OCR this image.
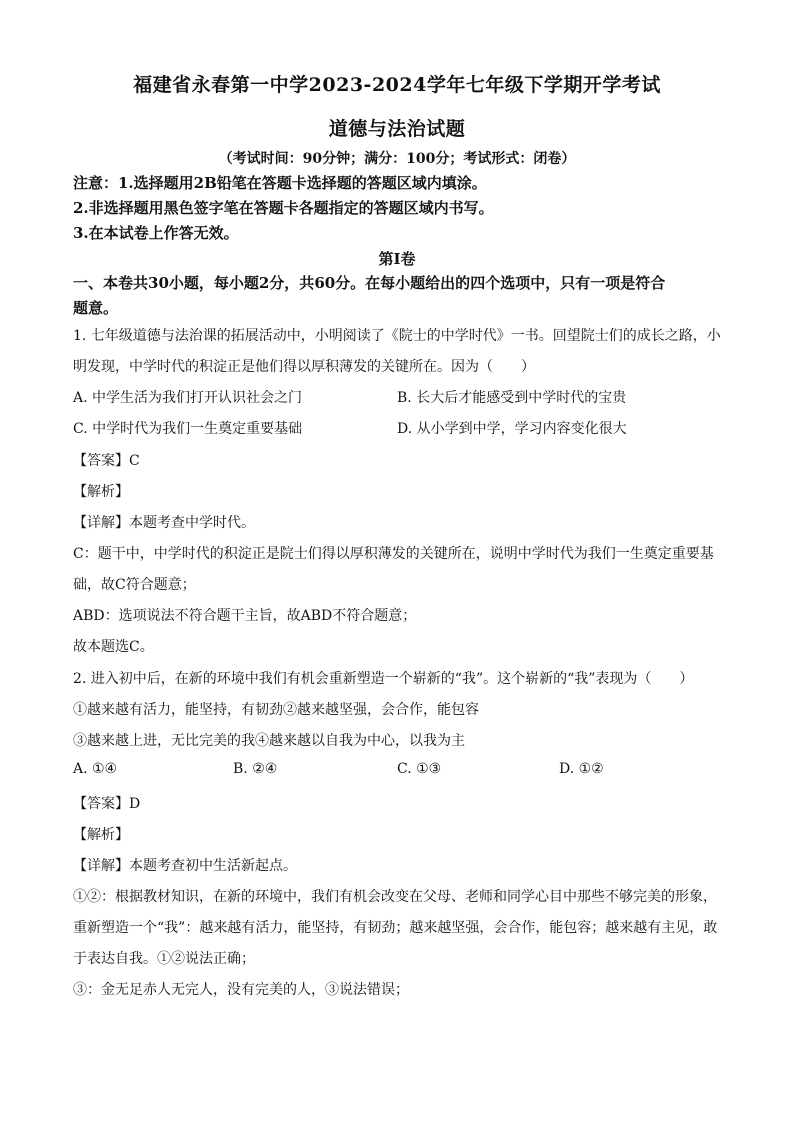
福建省永春第一中学2023-2024学年七年级下学期开学考试
道德与法治试题
（考试时间：90分钟；满分：100分；考试形式：闭卷）
注意：1.选择题用2B铅笔在答题卡选择题的答题区域内填涂。
2.非选择题用黑色签字笔在答题卡各题指定的答题区域内书写。
3.在本试卷上作答无效。
第I卷
一、本卷共30小题，每小题2分，共60分。在每小题给出的四个选项中，只有一项是符合
题意。
1. 七年级道德与法治课的拓展活动中，小明阅读了《院士的中学时代》一书。回望院士们的成长之路，小
明发现，中学时代的积淀正是他们得以厚积薄发的关键所在。因为（　　）
A. 中学生活为我们打开认识社会之门	B. 长大后才能感受到中学时代的宝贵
C. 中学时代为我们一生奠定重要基础	D. 从小学到中学，学习内容变化很大
【答案】C
【解析】
【详解】本题考查中学时代。
C：题干中，中学时代的积淀正是院士们得以厚积薄发的关键所在，说明中学时代为我们一生奠定重要基
础，故C符合题意；
ABD：选项说法不符合题干主旨，故ABD不符合题意；
故本题选C。
2. 进入初中后，在新的环境中我们有机会重新塑造一个崭新的“我”。这个崭新的“我”表现为（　　）
①越来越有活力，能坚持，有韧劲②越来越坚强，会合作，能包容
③越来越上进，无比完美的我④越来越以自我为中心，以我为主
A. ①④	B. ②④	C. ①③	D. ①②
【答案】D
【解析】
【详解】本题考查初中生活新起点。
①②：根据教材知识，在新的环境中，我们有机会改变在父母、老师和同学心目中那些不够完美的形象，
重新塑造一个“我”：越来越有活力，能坚持，有韧劲；越来越坚强，会合作，能包容；越来越有主见，敢
于表达自我。①②说法正确；
③：金无足赤人无完人，没有完美的人，③说法错误；
